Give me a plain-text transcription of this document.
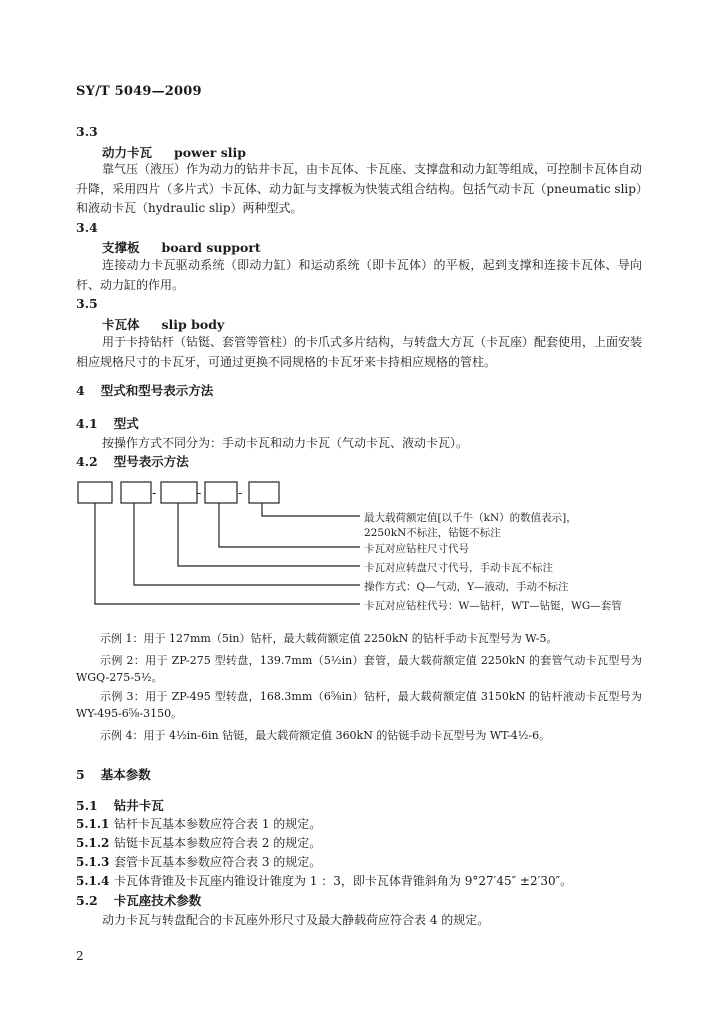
SY/T 5049—2009
3.3
动力卡瓦 power slip
靠气压（液压）作为动力的钻井卡瓦，由卡瓦体、卡瓦座、支撑盘和动力缸等组成，可控制卡瓦体自动升降，采用四片（多片式）卡瓦体、动力缸与支撑板为快装式组合结构。包括气动卡瓦（pneumatic slip）和液动卡瓦（hydraulic slip）两种型式。
3.4
支撑板 board support
连接动力卡瓦驱动系统（即动力缸）和运动系统（即卡瓦体）的平板，起到支撑和连接卡瓦体、导向杆、动力缸的作用。
3.5
卡瓦体 slip body
用于卡持钻杆（钻铤、套管等管柱）的卡爪式多片结构，与转盘大方瓦（卡瓦座）配套使用，上面安装相应规格尺寸的卡瓦牙，可通过更换不同规格的卡瓦牙来卡持相应规格的管柱。
4 型式和型号表示方法
4.1 型式
按操作方式不同分为：手动卡瓦和动力卡瓦（气动卡瓦、液动卡瓦）。
4.2 型号表示方法
-	-	-
最大载荷额定值[以千牛（kN）的数值表示]，
2250kN不标注，钻铤不标注
卡瓦对应钻柱尺寸代号
卡瓦对应转盘尺寸代号，手动卡瓦不标注
操作方式：Q—气动，Y—液动，手动不标注
卡瓦对应钻柱代号：W—钻杆，WT—钻铤，WG—套管
示例 1：用于 127mm（5in）钻杆，最大载荷额定值 2250kN 的钻杆手动卡瓦型号为 W-5。
示例 2：用于 ZP-275 型转盘，139.7mm（5½in）套管，最大载荷额定值 2250kN 的套管气动卡瓦型号为 WGQ-275-5½。
示例 3：用于 ZP-495 型转盘，168.3mm（6⅝in）钻杆，最大载荷额定值 3150kN 的钻杆液动卡瓦型号为 WY-495-6⅝-3150。
示例 4：用于 4½in-6in 钻铤，最大载荷额定值 360kN 的钻铤手动卡瓦型号为 WT-4½-6。
5 基本参数
5.1 钻井卡瓦
5.1.1 钻杆卡瓦基本参数应符合表 1 的规定。
5.1.2 钻铤卡瓦基本参数应符合表 2 的规定。
5.1.3 套管卡瓦基本参数应符合表 3 的规定。
5.1.4 卡瓦体背锥及卡瓦座内锥设计锥度为 1 ：3，即卡瓦体背锥斜角为 9°27′45″ ±2′30″。
5.2 卡瓦座技术参数
动力卡瓦与转盘配合的卡瓦座外形尺寸及最大静载荷应符合表 4 的规定。
2
